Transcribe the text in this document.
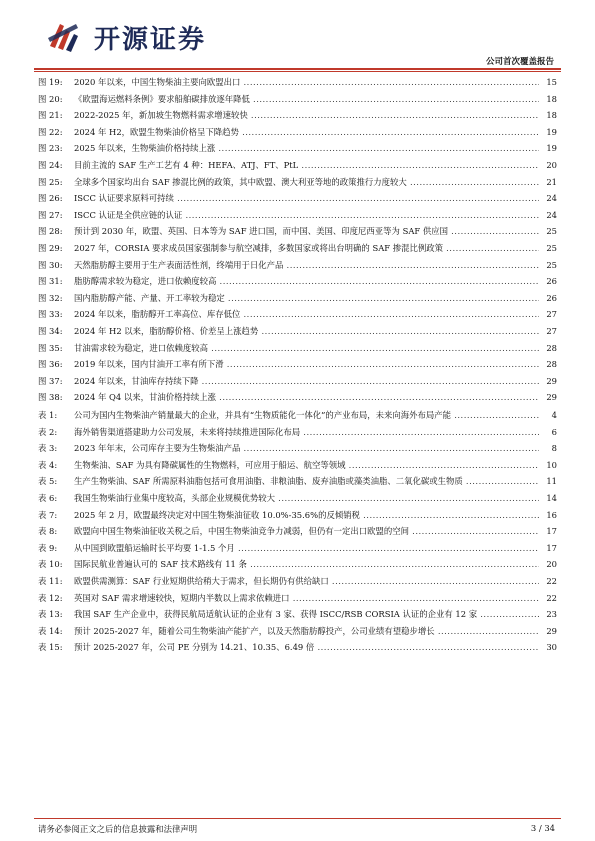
开源证券
公司首次覆盖报告
图 19:	2020 年以来，中国生物柴油主要向欧盟出口 .....	15
图 20:	《欧盟海运燃料条例》要求船舶碳排放逐年降低 .....	18
图 21:	2022-2025 年，新加坡生物燃料需求增速较快 .....	18
图 22:	2024 年 H2，欧盟生物柴油价格呈下降趋势 .....	19
图 23:	2025 年以来，生物柴油价格持续上涨 .....	19
图 24:	目前主流的 SAF 生产工艺有 4 种：HEFA、ATJ、FT、PtL .....	20
图 25:	全球多个国家均出台 SAF 掺混比例的政策，其中欧盟、澳大利亚等地的政策推行力度较大 .....	21
图 26:	ISCC 认证要求原料可持续 .....	24
图 27:	ISCC 认证是全供应链的认证 .....	24
图 28:	预计到 2030 年，欧盟、英国、日本等为 SAF 进口国，而中国、美国、印度尼西亚等为 SAF 供应国 .....	25
图 29:	2027 年，CORSIA 要求成员国家强制参与航空减排，多数国家或将出台明确的 SAF 掺混比例政策 .....	25
图 30:	天然脂肪醇主要用于生产表面活性剂，终端用于日化产品 .....	25
图 31:	脂肪醇需求较为稳定，进口依赖度较高 .....	26
图 32:	国内脂肪醇产能、产量、开工率较为稳定 .....	26
图 33:	2024 年以来，脂肪醇开工率高位、库存低位 .....	27
图 34:	2024 年 H2 以来，脂肪醇价格、价差呈上涨趋势 .....	27
图 35:	甘油需求较为稳定，进口依赖度较高 .....	28
图 36:	2019 年以来，国内甘油开工率有所下滑 .....	28
图 37:	2024 年以来，甘油库存持续下降 .....	29
图 38:	2024 年 Q4 以来，甘油价格持续上涨 .....	29
表 1:	公司为国内生物柴油产销量最大的企业，并具有“生物质能化一体化”的产业布局，未来向海外布局产能 .....	4
表 2:	海外销售渠道搭建助力公司发展，未来将持续推进国际化布局 .....	6
表 3:	2023 年年末，公司库存主要为生物柴油产品 .....	8
表 4:	生物柴油、SAF 为具有降碳属性的生物燃料，可应用于船运、航空等领域 .....	10
表 5:	生产生物柴油、SAF 所需原料油脂包括可食用油脂、非粮油脂、废弃油脂或藻类油脂、二氧化碳或生物质 .....	11
表 6:	我国生物柴油行业集中度较高，头部企业规模优势较大 .....	14
表 7:	2025 年 2 月，欧盟最终决定对中国生物柴油征收 10.0%-35.6%的反倾销税 .....	16
表 8:	欧盟向中国生物柴油征收关税之后，中国生物柴油竞争力减弱，但仍有一定出口欧盟的空间 .....	17
表 9:	从中国到欧盟船运输时长平均要 1-1.5 个月 .....	17
表 10:	国际民航业普遍认可的 SAF 技术路线有 11 条 .....	20
表 11:	欧盟供需测算：SAF 行业短期供给稍大于需求，但长期仍有供给缺口 .....	22
表 12:	英国对 SAF 需求增速较快，短期内半数以上需求依赖进口 .....	22
表 13:	我国 SAF 生产企业中，获得民航局适航认证的企业有 3 家、获得 ISCC/RSB CORSIA 认证的企业有 12 家 .....	23
表 14:	预计 2025-2027 年，随着公司生物柴油产能扩产，以及天然脂肪醇投产，公司业绩有望稳步增长 .....	29
表 15:	预计 2025-2027 年，公司 PE 分别为 14.21、10.35、6.49 倍 .....	30
请务必参阅正文之后的信息披露和法律声明	3 / 34
